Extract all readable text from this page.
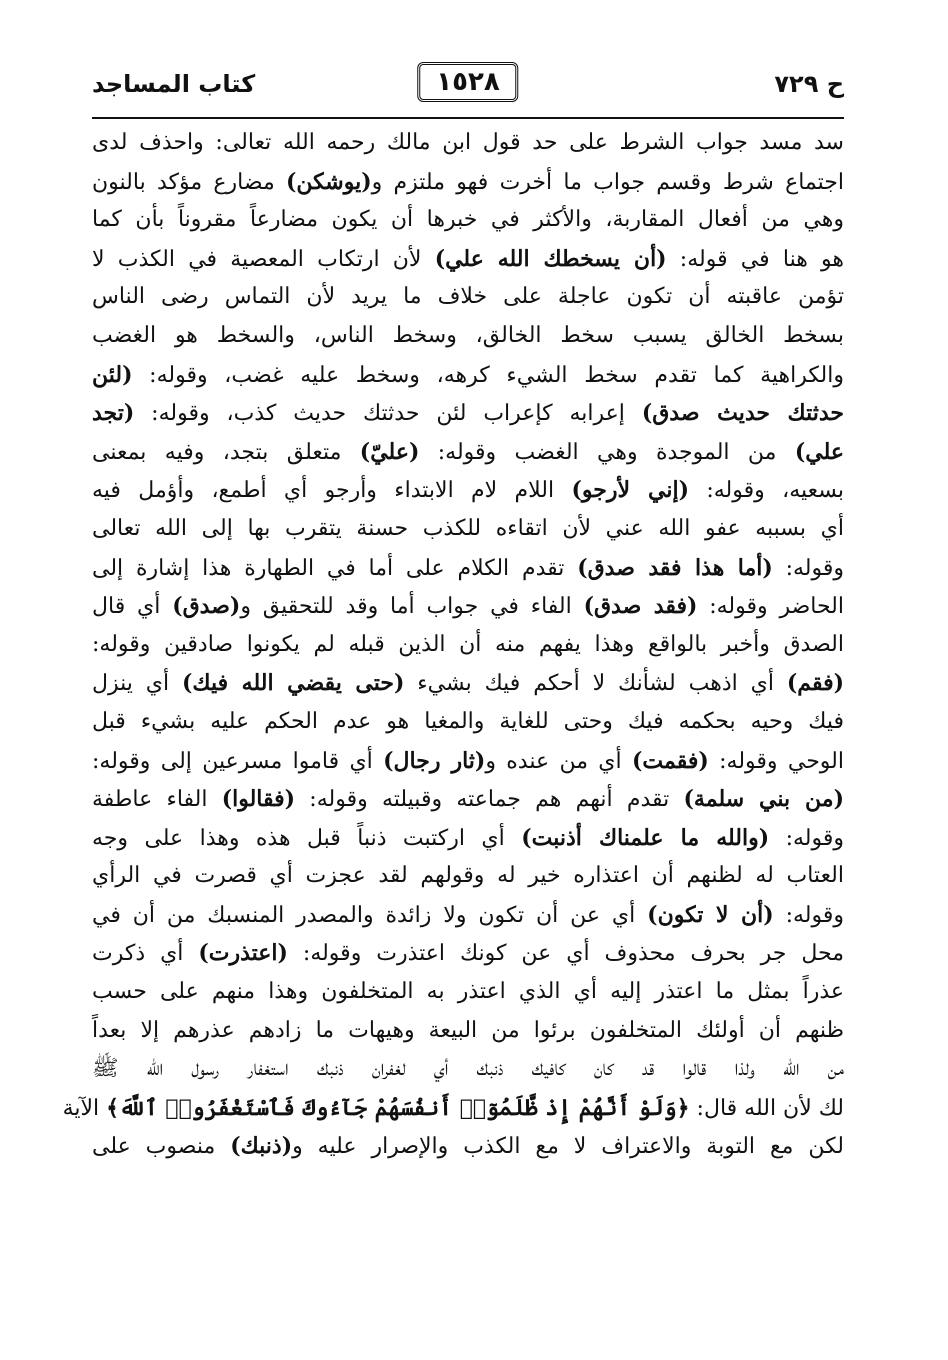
ح ٧٢٩
١٥٢٨
كتاب المساجد
سد مسد جواب الشرط على حد قول ابن مالك رحمه الله تعالى: واحذف لدى
اجتماع شرط وقسم جواب ما أخرت فهو ملتزم و(يوشكن) مضارع مؤكد بالنون
وهي من أفعال المقاربة، والأكثر في خبرها أن يكون مضارعاً مقروناً بأن كما
هو هنا في قوله: (أن يسخطك الله علي) لأن ارتكاب المعصية في الكذب لا
تؤمن عاقبته أن تكون عاجلة على خلاف ما يريد لأن التماس رضى الناس
بسخط الخالق يسبب سخط الخالق، وسخط الناس، والسخط هو الغضب
والكراهية كما تقدم سخط الشيء كرهه، وسخط عليه غضب، وقوله: (لئن
حدثتك حديث صدق) إعرابه كإعراب لئن حدثتك حديث كذب، وقوله: (تجد
علي) من الموجدة وهي الغضب وقوله: (عليّ) متعلق بتجد، وفيه بمعنى
بسعيه، وقوله: (إني لأرجو) اللام لام الابتداء وأرجو أي أطمع، وأؤمل فيه
أي بسببه عفو الله عني لأن اتقاءه للكذب حسنة يتقرب بها إلى الله تعالى
وقوله: (أما هذا فقد صدق) تقدم الكلام على أما في الطهارة هذا إشارة إلى
الحاضر وقوله: (فقد صدق) الفاء في جواب أما وقد للتحقيق و(صدق) أي قال
الصدق وأخبر بالواقع وهذا يفهم منه أن الذين قبله لم يكونوا صادقين وقوله:
(فقم) أي اذهب لشأنك لا أحكم فيك بشيء (حتى يقضي الله فيك) أي ينزل
فيك وحيه بحكمه فيك وحتى للغاية والمغيا هو عدم الحكم عليه بشيء قبل
الوحي وقوله: (فقمت) أي من عنده و(ثار رجال) أي قاموا مسرعين إلى وقوله:
(من بني سلمة) تقدم أنهم هم جماعته وقبيلته وقوله: (فقالوا) الفاء عاطفة
وقوله: (والله ما علمناك أذنبت) أي اركتبت ذنباً قبل هذه وهذا على وجه
العتاب له لظنهم أن اعتذاره خير له وقولهم لقد عجزت أي قصرت في الرأي
وقوله: (أن لا تكون) أي عن أن تكون ولا زائدة والمصدر المنسبك من أن في
محل جر بحرف محذوف أي عن كونك اعتذرت وقوله: (اعتذرت) أي ذكرت
عذراً بمثل ما اعتذر إليه أي الذي اعتذر به المتخلفون وهذا منهم على حسب
ظنهم أن أولئك المتخلفون برئوا من البيعة وهيهات ما زادهم عذرهم إلا بعداً
من الله ولذا قالوا قد كان كافيك ذنبك أي لغفران ذنبك استغفار رسول الله ﷺ
لك لأن الله قال: ﴿وَلَوْ أَنَّهُمْ إِذ ظَّلَمُوٓا۟ أَنفُسَهُمْ جَآءُوكَ فَٱسْتَغْفَرُوا۟ ٱللَّهَ﴾ الآية
لكن مع التوبة والاعتراف لا مع الكذب والإصرار عليه و(ذنبك) منصوب على
